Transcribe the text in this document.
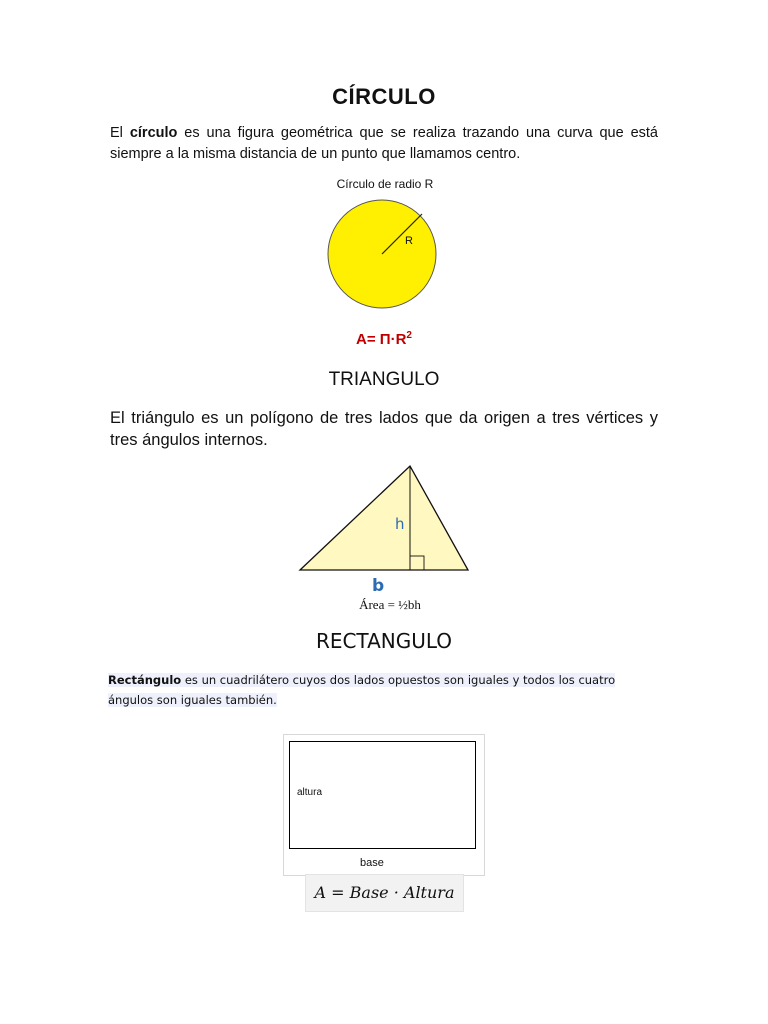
CÍRCULO
El círculo es una figura geométrica que se realiza trazando una curva que está siempre a la misma distancia de un punto que llamamos centro.
Círculo de radio R
R
$A= \Pi\cdot R^2$
TRIANGULO
El triángulo es un polígono de tres lados que da origen a tres vértices y tres ángulos internos.
h
b
Área = ½bh
RECTANGULO
Rectángulo es un cuadrilátero cuyos dos lados opuestos son iguales y todos los cuatro ángulos son iguales también.
altura
base
A = Base · Altura
